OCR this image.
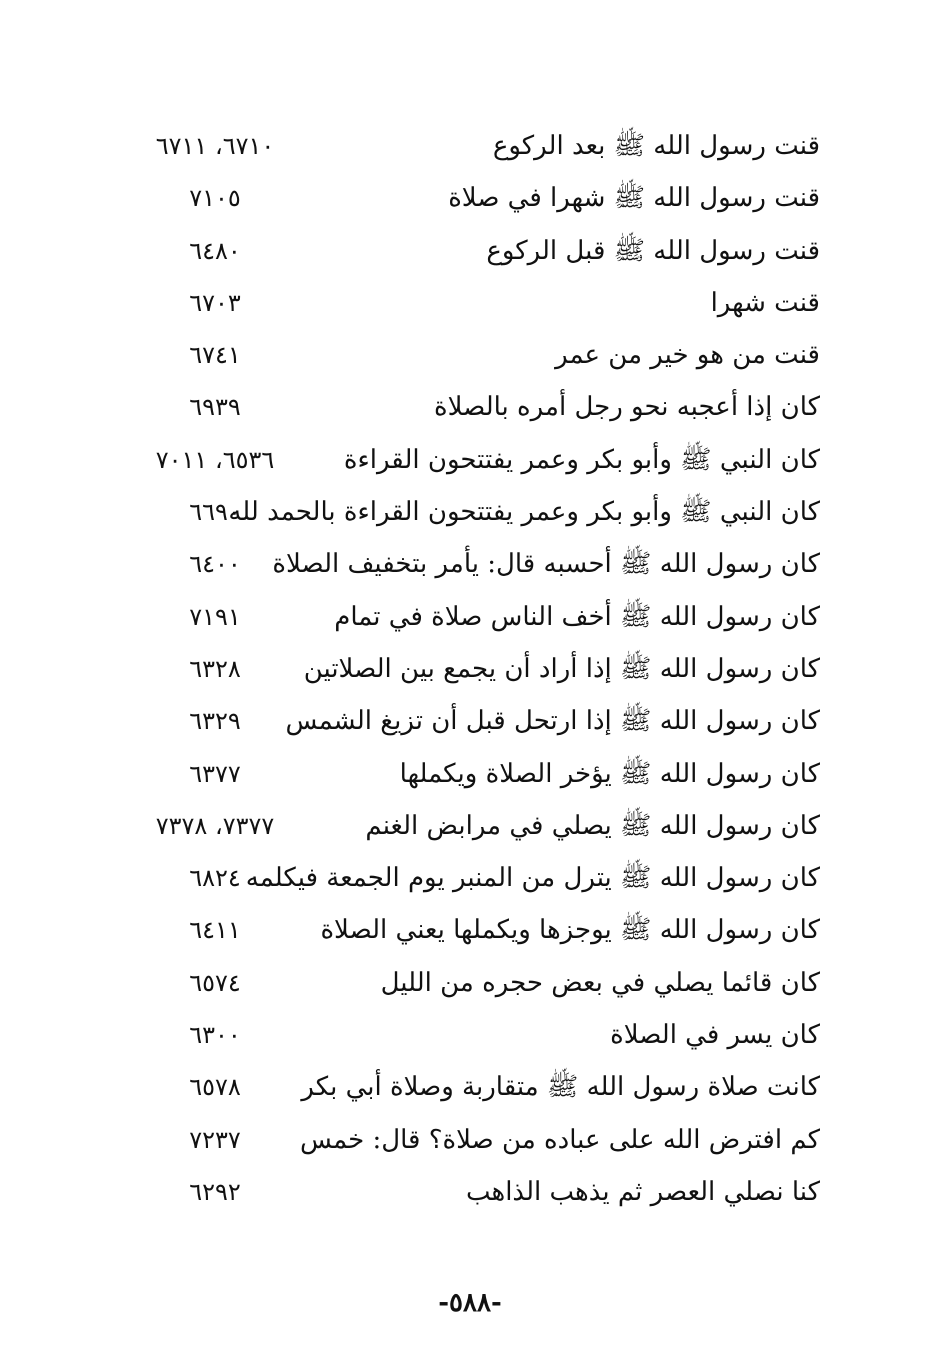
قنت رسول الله ﷺ بعد الركوع
٦٧١٠، ٦٧١١
قنت رسول الله ﷺ شهرا في صلاة
٧١٠٥
قنت رسول الله ﷺ قبل الركوع
٦٤٨٠
قنت شهرا
٦٧٠٣
قنت من هو خير من عمر
٦٧٤١
كان إذا أعجبه نحو رجل أمره بالصلاة
٦٩٣٩
كان النبي ﷺ وأبو بكر وعمر يفتتحون القراءة
٦٥٣٦، ٧٠١١
كان النبي ﷺ وأبو بكر وعمر يفتتحون القراءة بالحمد لله
٦٦٩٠
كان رسول الله ﷺ أحسبه قال: يأمر بتخفيف الصلاة
٦٤٠٠
كان رسول الله ﷺ أخف الناس صلاة في تمام
٧١٩١
كان رسول الله ﷺ إذا أراد أن يجمع بين الصلاتين
٦٣٢٨
كان رسول الله ﷺ إذا ارتحل قبل أن تزيغ الشمس
٦٣٢٩
كان رسول الله ﷺ يؤخر الصلاة ويكملها
٦٣٧٧
كان رسول الله ﷺ يصلي في مرابض الغنم
٧٣٧٧، ٧٣٧٨
كان رسول الله ﷺ يترل من المنبر يوم الجمعة فيكلمه
٦٨٢٤
كان رسول الله ﷺ يوجزها ويكملها يعني الصلاة
٦٤١١
كان قائما يصلي في بعض حجره من الليل
٦٥٧٤
كان يسر في الصلاة
٦٣٠٠
كانت صلاة رسول الله ﷺ متقاربة وصلاة أبي بكر
٦٥٧٨
كم افترض الله على عباده من صلاة؟ قال: خمس
٧٢٣٧
كنا نصلي العصر ثم يذهب الذاهب
٦٢٩٢
-٥٨٨-
